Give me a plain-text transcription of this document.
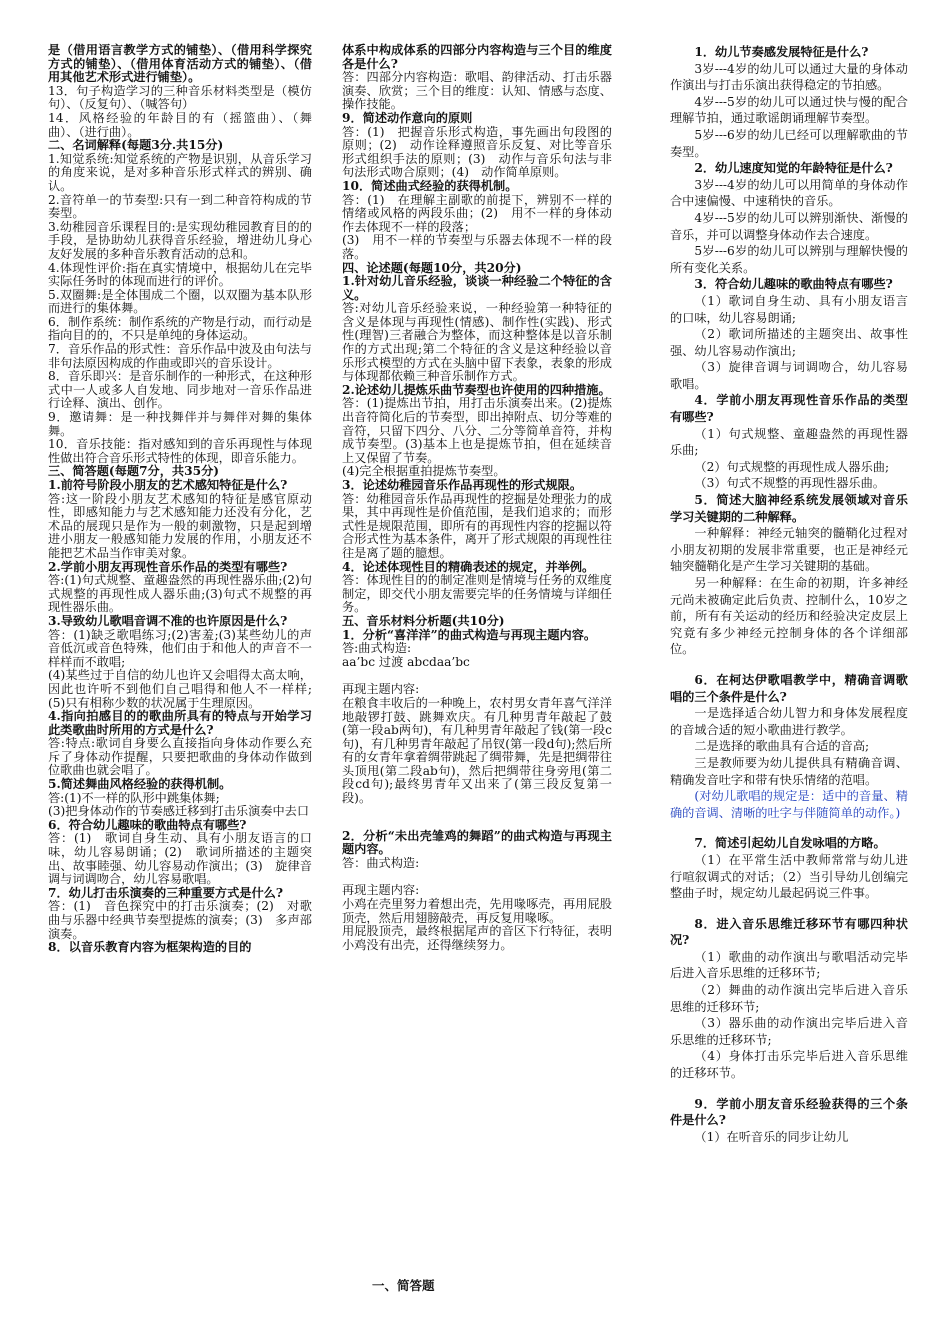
是（借用语言教学方式的铺垫）、（借用科学探究方式的铺垫）、（借用体育活动方式的铺垫）、（借用其他艺术形式进行铺垫）。

13．句子构造学习的三种音乐材料类型是（模仿句）、（反复句）、（喊答句）

14．风格经验的年龄目的有（摇篮曲）、（舞曲）、（进行曲）。

二、名词解释(每题3分.共15分)

1.知觉系统:知觉系统的产物是识别，从音乐学习的角度来说，是对多种音乐形式样式的辨别、确认。

2.音符单一的节奏型:只有一到二种音符构成的节奏型。

3.幼稚园音乐课程目的:是实现幼稚园教育目的的手段，是协助幼儿获得音乐经验，增进幼儿身心友好发展的多种音乐教育活动的总和。

4.体现性评价:指在真实情境中，根据幼儿在完毕实际任务时的体现而进行的评价。

5.双圈舞:是全体围成二个圈，以双圈为基本队形而进行的集体舞。

6．制作系统：制作系统的产物是行动，而行动是指向目的的，不只是单纯的身体运动。

7．音乐作品的形式性：音乐作品中波及由句法与非句法原因构成的作曲或即兴的音乐设计。

8．音乐即兴：是音乐制作的一种形式，在这种形式中一人或多人自发地、同步地对一音乐作品进行诠释、演出、创作。

9．邀请舞：是一种找舞伴并与舞伴对舞的集体舞。

10．音乐技能：指对感知到的音乐再现性与体现性做出符合音乐形式特性的体现，即音乐能力。

三、简答题(每题7分，共35分)

1.前符号阶段小朋友的艺术感知特征是什么?

答:这一阶段小朋友艺术感知的特征是感官原动性，即感知能力与艺术感知能力还没有分化，艺术品的展现只是作为一般的刺激物，只是起到增进小朋友一般感知能力发展的作用，小朋友还不能把艺术品当作审美对象。

2.学前小朋友再现性音乐作品的类型有哪些?

答:(1)句式规整、童趣盎然的再现性器乐曲;(2)句式规整的再现性成人器乐曲;(3)句式不规整的再现性器乐曲。

3.导致幼儿歌唱音调不准的也许原因是什么?

答：(1)缺乏歌唱练习;(2)害羞;(3)某些幼儿的声音低沉或音色特殊，他们由于和他人的声音不一样样而不敢唱;

(4)某些过于自信的幼儿也许又会唱得太高太响，因此也许听不到他们自己唱得和他人不一样样;(5)只有相称少数的状况属于生理原因。

4.指向拍感目的的歌曲所具有的特点与开始学习此类歌曲时所用的方式是什么?

答:特点:歌词自身要么直接指向身体动作要么充斥了身体动作提醒，只要把歌曲的身体动作做到位歌曲也就会唱了。

5.简述舞曲风格经验的获得机制。

答:(1)不一样的队形中跳集体舞;

(3)把身体动作的节奏感迁移到打击乐演奏中去口

6．符合幼儿趣味的歌曲特点有哪些?

答：(1)　歌词自身生动、具有小朋友语言的口味，幼儿容易朗诵；(2)　歌词所描述的主题突出、故事睦强、幼儿容易动作演出；(3)　旋律音调与词调吻合，幼儿容易歌唱。

7．幼儿打击乐演奏的三种重要方式是什么?

答：(1)　音色探究中的打击乐演奏；(2)　对歌曲与乐器中经典节奏型提炼的演奏；(3)　多声部演奏。

8．以音乐教育内容为框架构造的目的

体系中构成体系的四部分内容构造与三个目的维度各是什么?

答：四部分内容构造：歌唱、韵律活动、打击乐器演奏、欣赏；三个目的维度：认知、情感与态度、操作技能。

9．简述动作意向的原则

答：(1)　把握音乐形式构造，事先画出句段图的原则；(2)　动作诠释遵照音乐反复、对比等音乐形式组织手法的原则；(3)　动作与音乐句法与非句法形式吻合原则；(4)　动作简单原则。

10．简述曲式经验的获得机制。

答：(1)　在理解主副歌的前提下，辨别不一样的情绪或风格的两段乐曲；(2)　用不一样的身体动作去体现不一样的段落；

(3)　用不一样的节奏型与乐器去体现不一样的段落。

四、论述题(每题10分，共20分)

1.针对幼儿音乐经验，谈谈一种经验二个特征的含义。

答:对幼儿音乐经验来说，一种经验第一种特征的含义是体现与再现性(情感)、制作性(实践)、形式性(理智)三者融合为整体，而这种整体是以音乐制作的方式出现;第二个特征的含义是这种经验以音乐形式模型的方式在头脑中留下表象，表象的形成与体现都依赖三种音乐制作方式。

2.论述幼儿提炼乐曲节奏型也许使用的四种措施。

答：(1)提炼出节拍，用打击乐演奏出来。(2)提炼出音符简化后的节奏型，即出掉附点、切分等难的音符，只留下四分、八分、二分等简单音符，并构成节奏型。(3)基本上也是提炼节拍，但在延续音上又保留了节奏。

(4)完全根据重拍提炼节奏型。

3．论述幼稚园音乐作品再现性的形式规限。

答：幼稚园音乐作品再现性的挖掘是处理张力的成果，其中再现性是价值范围，是我们追求的；而形式性是规限范围，即所有的再现性内容的挖掘以符合形式性为基本条件，离开了形式规限的再现性往往是离了题的臆想。

4．论述体现性目的精确表述的规定，并举例。

答：体现性目的的制定准则是情境与任务的双维度制定，即交代小朋友需要完毕的任务情境与详细任务。

五、音乐材料分析题(共10分)

1．分析“喜洋洋”的曲式构造与再现主题内容。

答:曲式构造:

aa’bc 过渡 abcdaa’bc

再现主题内容:

在粮食丰收后的一种晚上，农村男女青年喜气洋洋地敲锣打鼓、跳舞欢庆。有几种男青年敲起了鼓(第一段ab两句)，有几种男青年敲起了钱(第一段c句)，有几种男青年敲起了吊钗(第一段d句);然后所有的女青年拿着绸带跳起了绸带舞，先是把绸带往头顶甩(第二段ab句)，然后把绸带往身旁甩(第二段cd句);最终男青年又出来了(第三段反复第一段)。

2．分析“未出壳雏鸡的舞蹈”的曲式构造与再现主题内容。

答：曲式构造:

再现主题内容:

小鸡在壳里努力着想出壳，先用喙啄壳，再用屁股顶壳，然后用翅膀敲壳，再反复用喙啄。

用屁股顶壳，最终根据尾声的音区下行特征，表明小鸡没有出壳，还得继续努力。

1．幼儿节奏感发展特征是什么?

3岁---4岁的幼儿可以通过大量的身体动作演出与打击乐演出获得稳定的节拍感。

4岁---5岁的幼儿可以通过快与慢的配合理解节拍，通过歌谣朗诵理解节奏型。

5岁---6岁的幼儿已经可以理解歌曲的节奏型。

2．幼儿速度知觉的年龄特征是什么?

3岁---4岁的幼儿可以用简单的身体动作合中速偏慢、中速稍快的音乐。

4岁---5岁的幼儿可以辨别渐快、渐慢的音乐，并可以调整身体动作去合速度。

5岁---6岁的幼儿可以辨别与理解快慢的所有变化关系。

3．符合幼儿趣味的歌曲特点有哪些?

（1）歌词自身生动、具有小朋友语言的口味，幼儿容易朗诵;

（2）歌词所描述的主题突出、故事性强、幼儿容易动作演出;

（3）旋律音调与词调吻合，幼儿容易歌唱。

4．学前小朋友再现性音乐作品的类型有哪些?

（1）句式规整、童趣盎然的再现性器乐曲;

（2）句式规整的再现性成人器乐曲;

（3）句式不规整的再现性器乐曲。

5．简述大脑神经系统发展领域对音乐学习关键期的二种解释。

一种解释：神经元轴突的髓鞘化过程对小朋友初期的发展非常重要，也正是神经元轴突髓鞘化是产生学习关键期的基础。

另一种解释：在生命的初期，许多神经元尚未被确定此后负责、控制什么，10岁之前，所有有关运动的经历和经验决定皮层上究竟有多少神经元控制身体的各个详细部位。

6．在柯达伊歌唱教学中，精确音调歌唱的三个条件是什么?

一是选择适合幼儿智力和身体发展程度的音域合适的短小歌曲进行教学。

二是选择的歌曲具有合适的音高;

三是教师要为幼儿提供具有精确音调、精确发音吐字和带有快乐情绪的范唱。

(对幼儿歌唱的规定是：适中的音量、精确的音调、清晰的吐字与伴随简单的动作。)

7．简述引起幼儿自发咏唱的方略。

（1）在平常生活中教师常常与幼儿进行喧叙调式的对话；（2）当引导幼儿创编完整曲子时，规定幼儿最起码说三件事。

8．进入音乐思维迁移环节有哪四种状况?

（1）歌曲的动作演出与歌唱活动完毕后进入音乐思维的迁移环节;

（2）舞曲的动作演出完毕后进入音乐思维的迁移环节;

（3）器乐曲的动作演出完毕后进入音乐思维的迁移环节;

（4）身体打击乐完毕后进入音乐思维的迁移环节。

9．学前小朋友音乐经验获得的三个条件是什么?

（1）在听音乐的同步让幼儿

一、简答题
